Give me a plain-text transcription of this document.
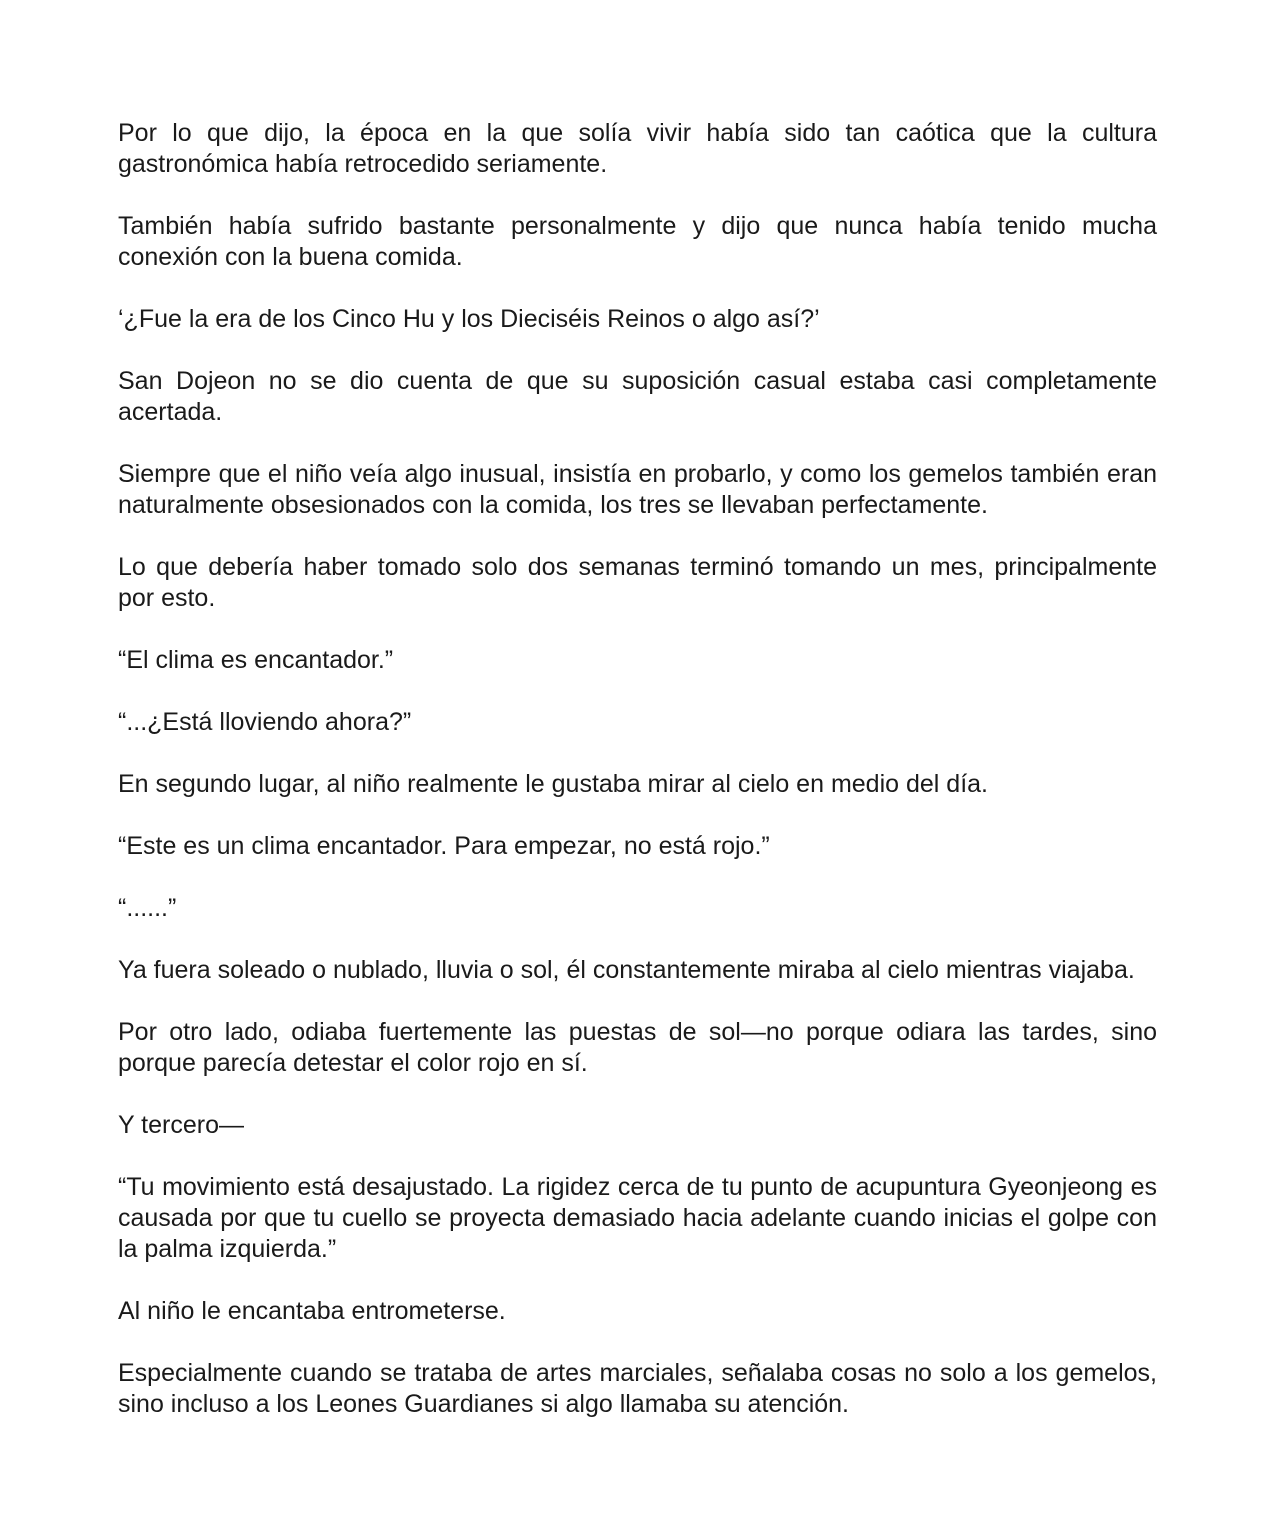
Por lo que dijo, la época en la que solía vivir había sido tan caótica que la cultura gastronómica había retrocedido seriamente.

También había sufrido bastante personalmente y dijo que nunca había tenido mucha conexión con la buena comida.

‘¿Fue la era de los Cinco Hu y los Dieciséis Reinos o algo así?’

San Dojeon no se dio cuenta de que su suposición casual estaba casi completamente acertada.

Siempre que el niño veía algo inusual, insistía en probarlo, y como los gemelos también eran naturalmente obsesionados con la comida, los tres se llevaban perfectamente.

Lo que debería haber tomado solo dos semanas terminó tomando un mes, principalmente por esto.

“El clima es encantador.”

“...¿Está lloviendo ahora?”

En segundo lugar, al niño realmente le gustaba mirar al cielo en medio del día.

“Este es un clima encantador. Para empezar, no está rojo.”

“......”

Ya fuera soleado o nublado, lluvia o sol, él constantemente miraba al cielo mientras viajaba.

Por otro lado, odiaba fuertemente las puestas de sol—no porque odiara las tardes, sino porque parecía detestar el color rojo en sí.

Y tercero—

“Tu movimiento está desajustado. La rigidez cerca de tu punto de acupuntura Gyeonjeong es causada por que tu cuello se proyecta demasiado hacia adelante cuando inicias el golpe con la palma izquierda.”

Al niño le encantaba entrometerse.

Especialmente cuando se trataba de artes marciales, señalaba cosas no solo a los gemelos, sino incluso a los Leones Guardianes si algo llamaba su atención.
